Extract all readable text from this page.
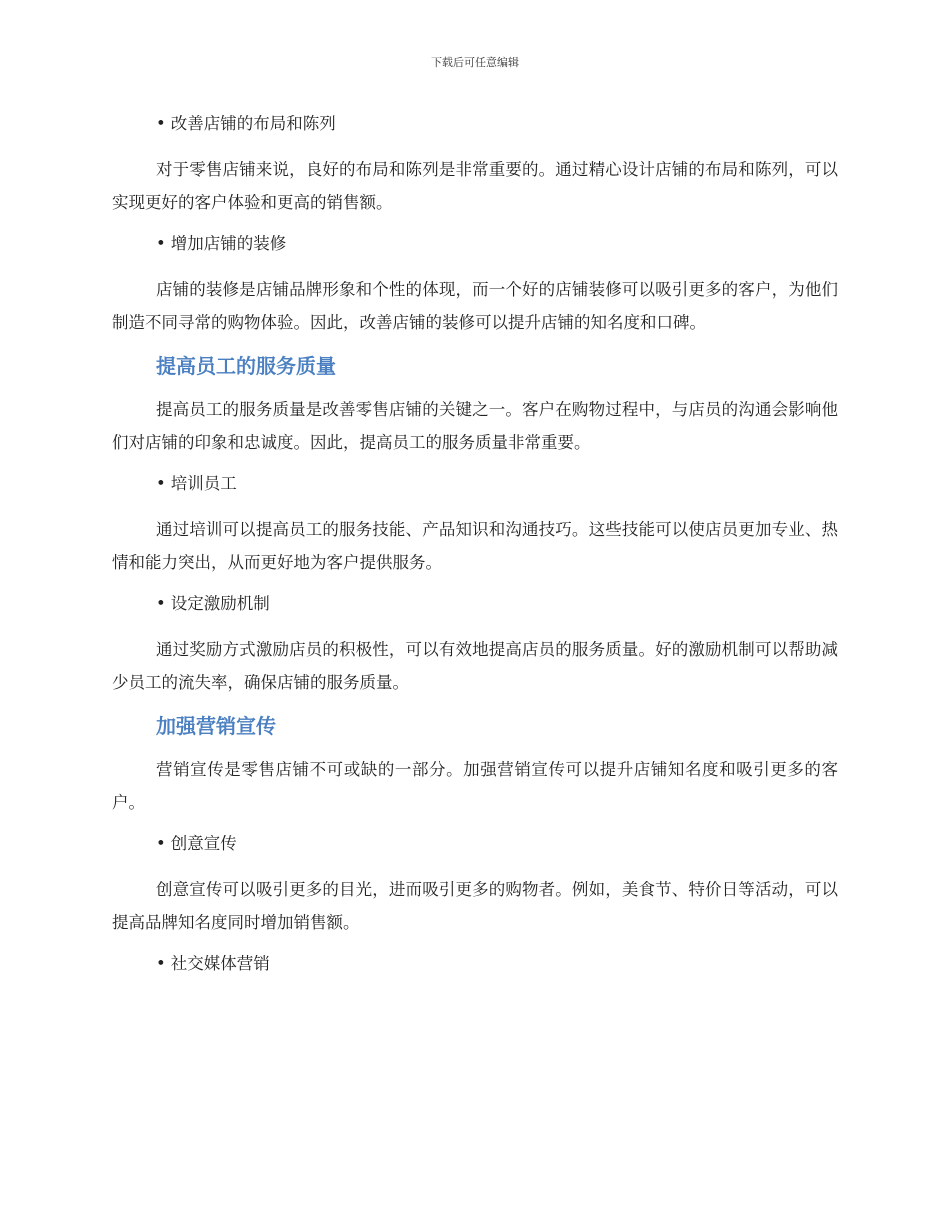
下载后可任意编辑
• 改善店铺的布局和陈列

对于零售店铺来说，良好的布局和陈列是非常重要的。通过精心设计店铺的布局和陈列，可以实现更好的客户体验和更高的销售额。

• 增加店铺的装修

店铺的装修是店铺品牌形象和个性的体现，而一个好的店铺装修可以吸引更多的客户，为他们制造不同寻常的购物体验。因此，改善店铺的装修可以提升店铺的知名度和口碑。

提高员工的服务质量

提高员工的服务质量是改善零售店铺的关键之一。客户在购物过程中，与店员的沟通会影响他们对店铺的印象和忠诚度。因此，提高员工的服务质量非常重要。

• 培训员工

通过培训可以提高员工的服务技能、产品知识和沟通技巧。这些技能可以使店员更加专业、热情和能力突出，从而更好地为客户提供服务。

• 设定激励机制

通过奖励方式激励店员的积极性，可以有效地提高店员的服务质量。好的激励机制可以帮助减少员工的流失率，确保店铺的服务质量。

加强营销宣传

营销宣传是零售店铺不可或缺的一部分。加强营销宣传可以提升店铺知名度和吸引更多的客户。

• 创意宣传

创意宣传可以吸引更多的目光，进而吸引更多的购物者。例如，美食节、特价日等活动，可以提高品牌知名度同时增加销售额。

• 社交媒体营销
